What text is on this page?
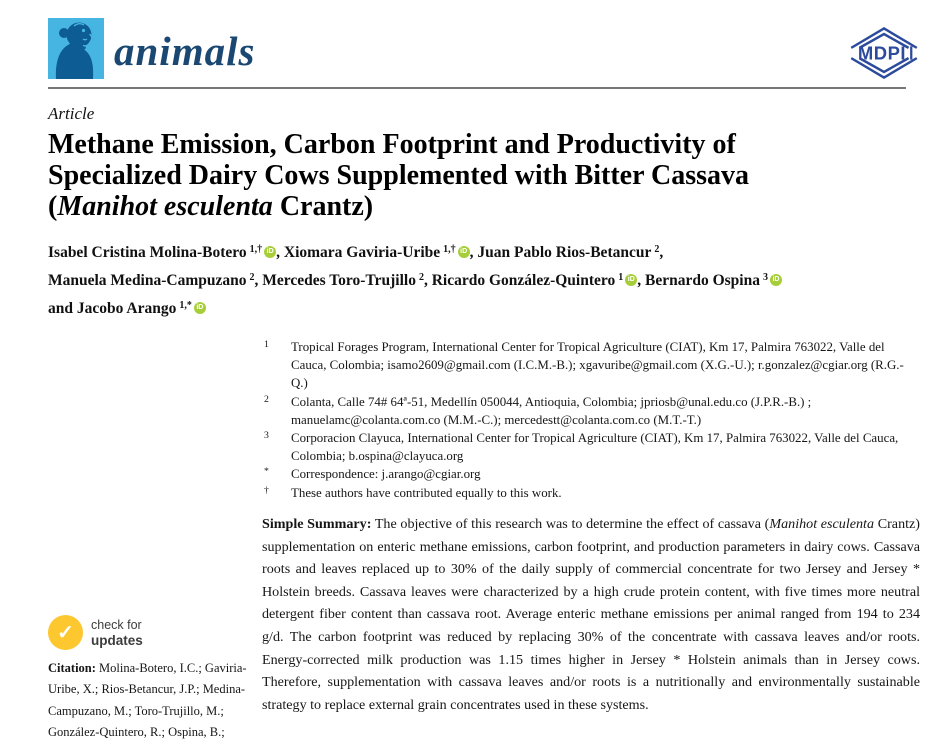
animals	MDPI
Article
Methane Emission, Carbon Footprint and Productivity of
Specialized Dairy Cows Supplemented with Bitter Cassava
(Manihot esculenta Crantz)
Isabel Cristina Molina-Botero $^{1,\dagger}$ iD , Xiomara Gaviria-Uribe $^{1,\dagger}$ iD , Juan Pablo Rios-Betancur $^2$,
Manuela Medina-Campuzano $^2$, Mercedes Toro-Trujillo $^2$, Ricardo González-Quintero $^1$ iD , Bernardo Ospina $^3$ iD
and Jacobo Arango $^{1,*}$ iD
1	Tropical Forages Program, International Center for Tropical Agriculture (CIAT), Km 17, Palmira 763022, Valle del Cauca, Colombia; isamo2609@gmail.com (I.C.M.-B.); xgavuribe@gmail.com (X.G.-U.); r.gonzalez@cgiar.org (R.G.-Q.)
2	Colanta, Calle 74# 64ª-51, Medellín 050044, Antioquia, Colombia; jpriosb@unal.edu.co (J.P.R.-B.) ; manuelamc@colanta.com.co (M.M.-C.); mercedestt@colanta.com.co (M.T.-T.)
3	Corporacion Clayuca, International Center for Tropical Agriculture (CIAT), Km 17, Palmira 763022, Valle del Cauca, Colombia; b.ospina@clayuca.org
*	Correspondence: j.arango@cgiar.org
†	These authors have contributed equally to this work.
Simple Summary: The objective of this research was to determine the effect of cassava (Manihot esculenta Crantz) supplementation on enteric methane emissions, carbon footprint, and production parameters in dairy cows. Cassava roots and leaves replaced up to 30% of the daily supply of commercial concentrate for two Jersey and Jersey * Holstein breeds. Cassava leaves were characterized by a high crude protein content, with five times more neutral detergent fiber content than cassava root. Average enteric methane emissions per animal ranged from 194 to 234 g/d. The carbon footprint was reduced by replacing 30% of the concentrate with cassava leaves and/or roots. Energy-corrected milk production was 1.15 times higher in Jersey * Holstein animals than in Jersey cows. Therefore, supplementation with cassava leaves and/or roots is a nutritionally and environmentally sustainable strategy to replace external grain concentrates used in these systems.
✓	check for
updates
Citation: Molina-Botero, I.C.; Gaviria-Uribe, X.; Rios-Betancur, J.P.; Medina-Campuzano, M.; Toro-Trujillo, M.; González-Quintero, R.; Ospina, B.;
